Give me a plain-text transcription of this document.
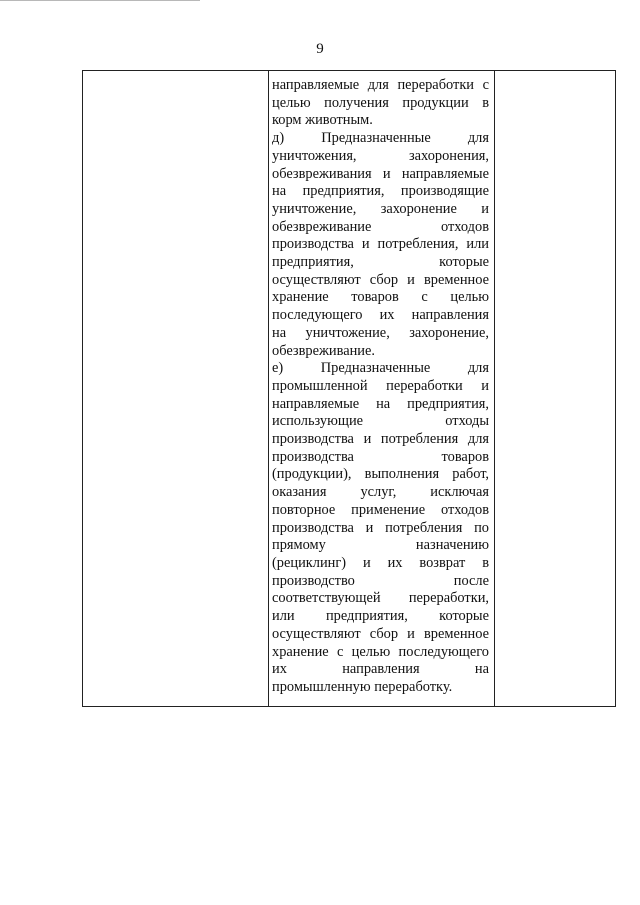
9
направляемые для переработки с
целью получения продукции в
корм животным.
д) Предназначенные для
уничтожения, захоронения,
обезвреживания и направляемые
на предприятия, производящие
уничтожение, захоронение и
обезвреживание отходов
производства и потребления, или
предприятия, которые
осуществляют сбор и временное
хранение товаров с целью
последующего их направления
на уничтожение, захоронение,
обезвреживание.
е) Предназначенные для
промышленной переработки и
направляемые на предприятия,
использующие отходы
производства и потребления для
производства товаров
(продукции), выполнения работ,
оказания услуг, исключая
повторное применение отходов
производства и потребления по
прямому назначению
(рециклинг) и их возврат в
производство после
соответствующей переработки,
или предприятия, которые
осуществляют сбор и временное
хранение с целью последующего
их направления на
промышленную переработку.
